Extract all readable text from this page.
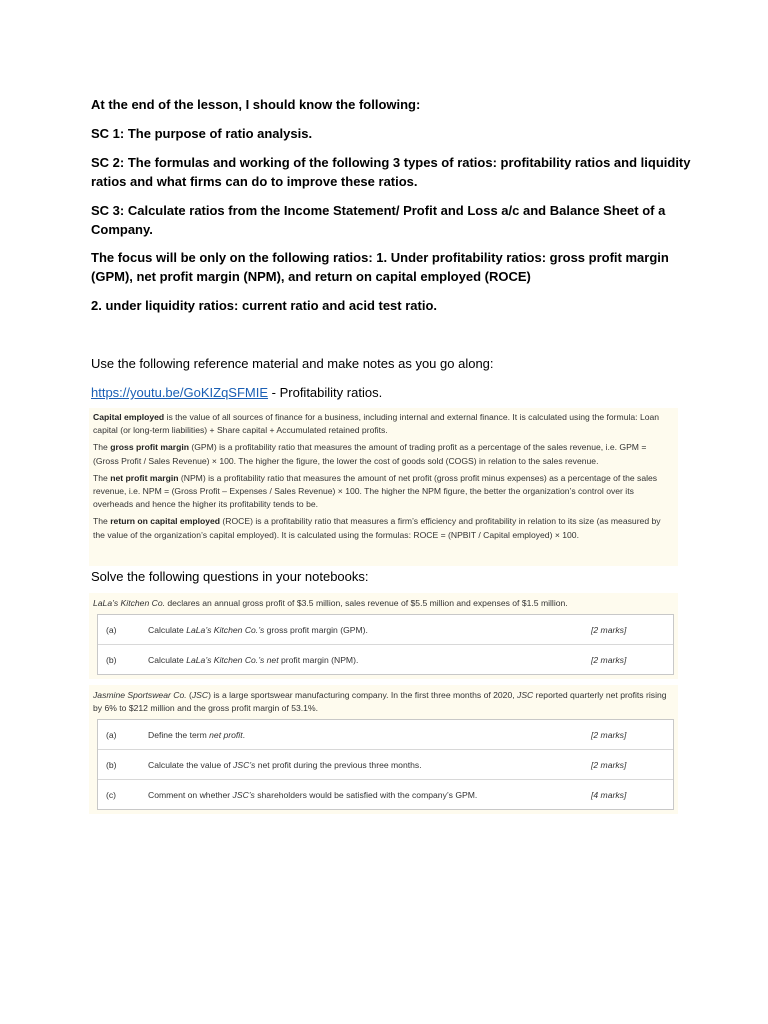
At the end of the lesson, I should know the following:

SC 1: The purpose of ratio analysis.

SC 2: The formulas and working of the following 3 types of ratios: profitability ratios and liquidity ratios and what firms can do to improve these ratios.

SC 3: Calculate ratios from the Income Statement/ Profit and Loss a/c and Balance Sheet of a Company.

The focus will be only on the following ratios: 1. Under profitability ratios: gross profit margin (GPM), net profit margin (NPM), and return on capital employed (ROCE)

2. under liquidity ratios: current ratio and acid test ratio.

Use the following reference material and make notes as you go along:

https://youtu.be/GoKIZqSFMIE - Profitability ratios.

Capital employed is the value of all sources of finance for a business, including internal and external finance. It is calculated using the formula: Loan capital (or long-term liabilities) + Share capital + Accumulated retained profits.

The gross profit margin (GPM) is a profitability ratio that measures the amount of trading profit as a percentage of the sales revenue, i.e. GPM = (Gross Profit / Sales Revenue) × 100. The higher the figure, the lower the cost of goods sold (COGS) in relation to the sales revenue.

The net profit margin (NPM) is a profitability ratio that measures the amount of net profit (gross profit minus expenses) as a percentage of the sales revenue, i.e. NPM = (Gross Profit – Expenses / Sales Revenue) × 100. The higher the NPM figure, the better the organization’s control over its overheads and hence the higher its profitability tends to be.

The return on capital employed (ROCE) is a profitability ratio that measures a firm’s efficiency and profitability in relation to its size (as measured by the value of the organization’s capital employed). It is calculated using the formulas: ROCE = (NPBIT / Capital employed) × 100.

Solve the following questions in your notebooks:

LaLa’s Kitchen Co. declares an annual gross profit of $3.5 million, sales revenue of $5.5 million and expenses of $1.5 million.
(a)	Calculate LaLa’s Kitchen Co.’s gross profit margin (GPM).	[2 marks]
(b)	Calculate LaLa’s Kitchen Co.’s net profit margin (NPM).	[2 marks]
Jasmine Sportswear Co. (JSC) is a large sportswear manufacturing company. In the first three months of 2020, JSC reported quarterly net profits rising by 6% to $212 million and the gross profit margin of 53.1%.
(a)	Define the term net profit.	[2 marks]
(b)	Calculate the value of JSC’s net profit during the previous three months.	[2 marks]
(c)	Comment on whether JSC’s shareholders would be satisfied with the company’s GPM.	[4 marks]
